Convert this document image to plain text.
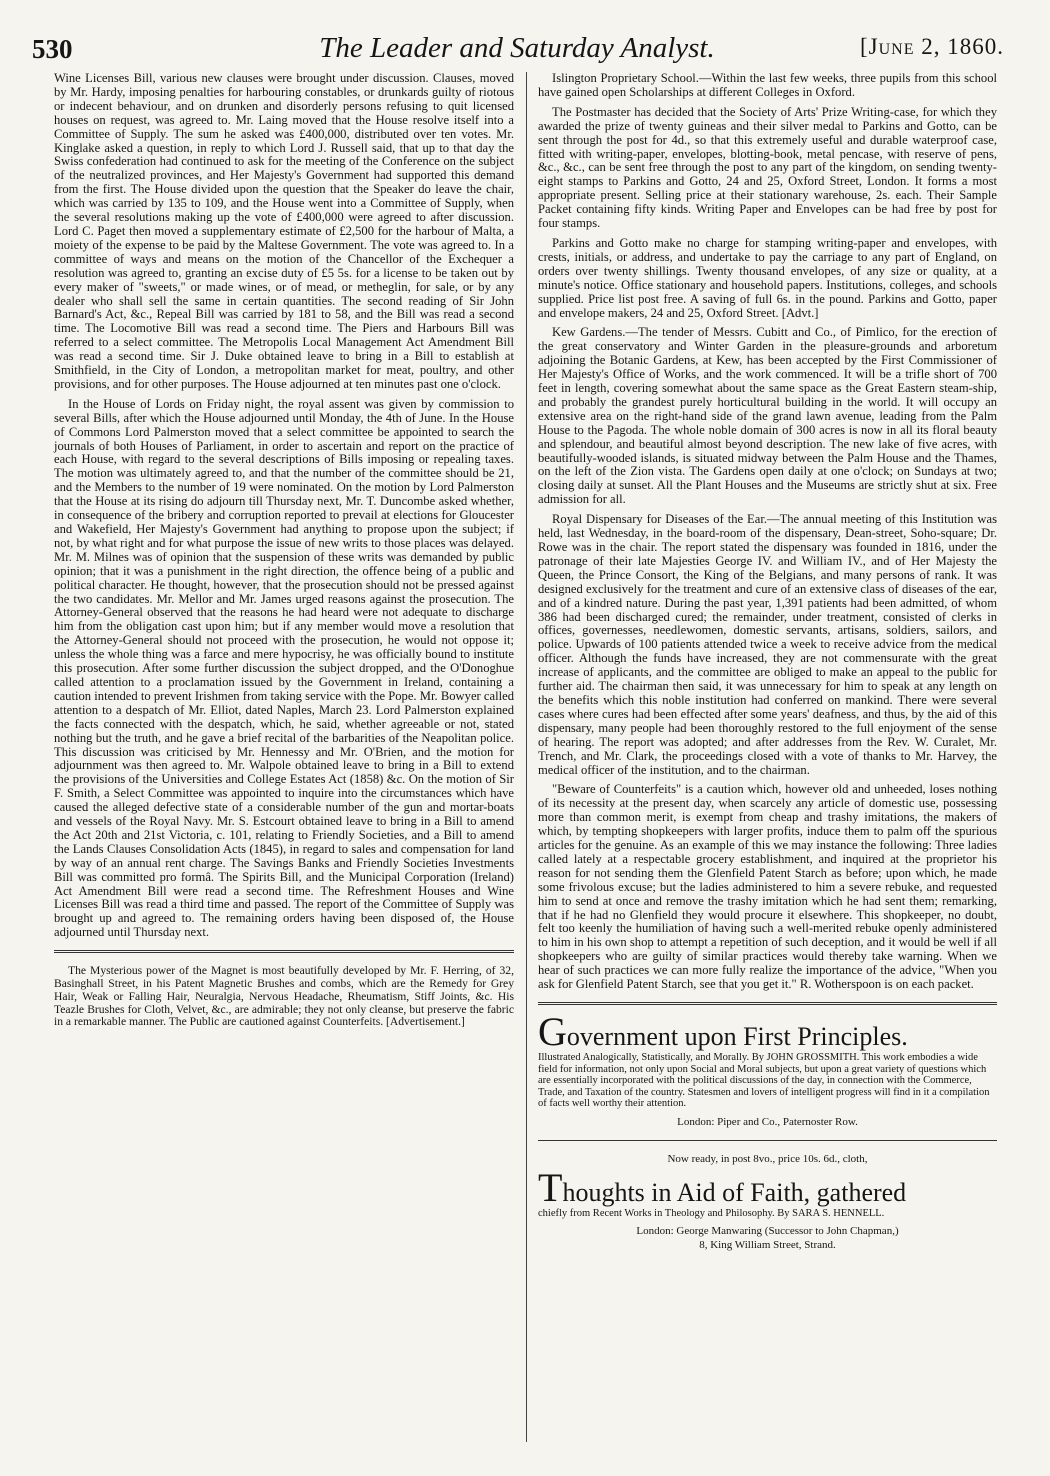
530	The Leader and Saturday Analyst.	[June 2, 1860.

Wine Licenses Bill, various new clauses were brought under discussion. Clauses, moved by Mr. Hardy, imposing penalties for harbouring constables, or drunkards guilty of riotous or indecent behaviour, and on drunken and disorderly persons refusing to quit licensed houses on request, was agreed to. Mr. Laing moved that the House resolve itself into a Committee of Supply. The sum he asked was £400,000, distributed over ten votes. Mr. Kinglake asked a question, in reply to which Lord J. Russell said, that up to that day the Swiss confederation had continued to ask for the meeting of the Conference on the subject of the neutralized provinces, and Her Majesty's Government had supported this demand from the first. The House divided upon the question that the Speaker do leave the chair, which was carried by 135 to 109, and the House went into a Committee of Supply, when the several resolutions making up the vote of £400,000 were agreed to after discussion. Lord C. Paget then moved a supplementary estimate of £2,500 for the harbour of Malta, a moiety of the expense to be paid by the Maltese Government. The vote was agreed to. In a committee of ways and means on the motion of the Chancellor of the Exchequer a resolution was agreed to, granting an excise duty of £5 5s. for a license to be taken out by every maker of "sweets," or made wines, or of mead, or metheglin, for sale, or by any dealer who shall sell the same in certain quantities. The second reading of Sir John Barnard's Act, &c., Repeal Bill was carried by 181 to 58, and the Bill was read a second time. The Locomotive Bill was read a second time. The Piers and Harbours Bill was referred to a select committee. The Metropolis Local Management Act Amendment Bill was read a second time. Sir J. Duke obtained leave to bring in a Bill to establish at Smithfield, in the City of London, a metropolitan market for meat, poultry, and other provisions, and for other purposes. The House adjourned at ten minutes past one o'clock.

In the House of Lords on Friday night, the royal assent was given by commission to several Bills, after which the House adjourned until Monday, the 4th of June. In the House of Commons Lord Palmerston moved that a select committee be appointed to search the journals of both Houses of Parliament, in order to ascertain and report on the practice of each House, with regard to the several descriptions of Bills imposing or repealing taxes. The motion was ultimately agreed to, and that the number of the committee should be 21, and the Members to the number of 19 were nominated. On the motion by Lord Palmerston that the House at its rising do adjourn till Thursday next, Mr. T. Duncombe asked whether, in consequence of the bribery and corruption reported to prevail at elections for Gloucester and Wakefield, Her Majesty's Government had anything to propose upon the subject; if not, by what right and for what purpose the issue of new writs to those places was delayed. Mr. M. Milnes was of opinion that the suspension of these writs was demanded by public opinion; that it was a punishment in the right direction, the offence being of a public and political character. He thought, however, that the prosecution should not be pressed against the two candidates. Mr. Mellor and Mr. James urged reasons against the prosecution. The Attorney-General observed that the reasons he had heard were not adequate to discharge him from the obligation cast upon him; but if any member would move a resolution that the Attorney-General should not proceed with the prosecution, he would not oppose it; unless the whole thing was a farce and mere hypocrisy, he was officially bound to institute this prosecution. After some further discussion the subject dropped, and the O'Donoghue called attention to a proclamation issued by the Government in Ireland, containing a caution intended to prevent Irishmen from taking service with the Pope. Mr. Bowyer called attention to a despatch of Mr. Elliot, dated Naples, March 23. Lord Palmerston explained the facts connected with the despatch, which, he said, whether agreeable or not, stated nothing but the truth, and he gave a brief recital of the barbarities of the Neapolitan police. This discussion was criticised by Mr. Hennessy and Mr. O'Brien, and the motion for adjournment was then agreed to. Mr. Walpole obtained leave to bring in a Bill to extend the provisions of the Universities and College Estates Act (1858) &c. On the motion of Sir F. Smith, a Select Committee was appointed to inquire into the circumstances which have caused the alleged defective state of a considerable number of the gun and mortar-boats and vessels of the Royal Navy. Mr. S. Estcourt obtained leave to bring in a Bill to amend the Act 20th and 21st Victoria, c. 101, relating to Friendly Societies, and a Bill to amend the Lands Clauses Consolidation Acts (1845), in regard to sales and compensation for land by way of an annual rent charge. The Savings Banks and Friendly Societies Investments Bill was committed pro formâ. The Spirits Bill, and the Municipal Corporation (Ireland) Act Amendment Bill were read a second time. The Refreshment Houses and Wine Licenses Bill was read a third time and passed. The report of the Committee of Supply was brought up and agreed to. The remaining orders having been disposed of, the House adjourned until Thursday next.

The Mysterious power of the Magnet is most beautifully developed by Mr. F. Herring, of 32, Basinghall Street, in his Patent Magnetic Brushes and combs, which are the Remedy for Grey Hair, Weak or Falling Hair, Neuralgia, Nervous Headache, Rheumatism, Stiff Joints, &c. His Teazle Brushes for Cloth, Velvet, &c., are admirable; they not only cleanse, but preserve the fabric in a remarkable manner. The Public are cautioned against Counterfeits. [Advertisement.]

Islington Proprietary School.—Within the last few weeks, three pupils from this school have gained open Scholarships at different Colleges in Oxford.

The Postmaster has decided that the Society of Arts' Prize Writing-case, for which they awarded the prize of twenty guineas and their silver medal to Parkins and Gotto, can be sent through the post for 4d., so that this extremely useful and durable waterproof case, fitted with writing-paper, envelopes, blotting-book, metal pencase, with reserve of pens, &c., &c., can be sent free through the post to any part of the kingdom, on sending twenty-eight stamps to Parkins and Gotto, 24 and 25, Oxford Street, London. It forms a most appropriate present. Selling price at their stationary warehouse, 2s. each. Their Sample Packet containing fifty kinds. Writing Paper and Envelopes can be had free by post for four stamps.

Parkins and Gotto make no charge for stamping writing-paper and envelopes, with crests, initials, or address, and undertake to pay the carriage to any part of England, on orders over twenty shillings. Twenty thousand envelopes, of any size or quality, at a minute's notice. Office stationary and household papers. Institutions, colleges, and schools supplied. Price list post free. A saving of full 6s. in the pound. Parkins and Gotto, paper and envelope makers, 24 and 25, Oxford Street. [Advt.]

Kew Gardens.—The tender of Messrs. Cubitt and Co., of Pimlico, for the erection of the great conservatory and Winter Garden in the pleasure-grounds and arboretum adjoining the Botanic Gardens, at Kew, has been accepted by the First Commissioner of Her Majesty's Office of Works, and the work commenced. It will be a trifle short of 700 feet in length, covering somewhat about the same space as the Great Eastern steam-ship, and probably the grandest purely horticultural building in the world. It will occupy an extensive area on the right-hand side of the grand lawn avenue, leading from the Palm House to the Pagoda. The whole noble domain of 300 acres is now in all its floral beauty and splendour, and beautiful almost beyond description. The new lake of five acres, with beautifully-wooded islands, is situated midway between the Palm House and the Thames, on the left of the Zion vista. The Gardens open daily at one o'clock; on Sundays at two; closing daily at sunset. All the Plant Houses and the Museums are strictly shut at six. Free admission for all.

Royal Dispensary for Diseases of the Ear.—The annual meeting of this Institution was held, last Wednesday, in the board-room of the dispensary, Dean-street, Soho-square; Dr. Rowe was in the chair. The report stated the dispensary was founded in 1816, under the patronage of their late Majesties George IV. and William IV., and of Her Majesty the Queen, the Prince Consort, the King of the Belgians, and many persons of rank. It was designed exclusively for the treatment and cure of an extensive class of diseases of the ear, and of a kindred nature. During the past year, 1,391 patients had been admitted, of whom 386 had been discharged cured; the remainder, under treatment, consisted of clerks in offices, governesses, needlewomen, domestic servants, artisans, soldiers, sailors, and police. Upwards of 100 patients attended twice a week to receive advice from the medical officer. Although the funds have increased, they are not commensurate with the great increase of applicants, and the committee are obliged to make an appeal to the public for further aid. The chairman then said, it was unnecessary for him to speak at any length on the benefits which this noble institution had conferred on mankind. There were several cases where cures had been effected after some years' deafness, and thus, by the aid of this dispensary, many people had been thoroughly restored to the full enjoyment of the sense of hearing. The report was adopted; and after addresses from the Rev. W. Curalet, Mr. Trench, and Mr. Clark, the proceedings closed with a vote of thanks to Mr. Harvey, the medical officer of the institution, and to the chairman.

"Beware of Counterfeits" is a caution which, however old and unheeded, loses nothing of its necessity at the present day, when scarcely any article of domestic use, possessing more than common merit, is exempt from cheap and trashy imitations, the makers of which, by tempting shopkeepers with larger profits, induce them to palm off the spurious articles for the genuine. As an example of this we may instance the following: Three ladies called lately at a respectable grocery establishment, and inquired at the proprietor his reason for not sending them the Glenfield Patent Starch as before; upon which, he made some frivolous excuse; but the ladies administered to him a severe rebuke, and requested him to send at once and remove the trashy imitation which he had sent them; remarking, that if he had no Glenfield they would procure it elsewhere. This shopkeeper, no doubt, felt too keenly the humiliation of having such a well-merited rebuke openly administered to him in his own shop to attempt a repetition of such deception, and it would be well if all shopkeepers who are guilty of similar practices would thereby take warning. When we hear of such practices we can more fully realize the importance of the advice, "When you ask for Glenfield Patent Starch, see that you get it." R. Wotherspoon is on each packet.

Government upon First Principles.

Illustrated Analogically, Statistically, and Morally. By JOHN GROSSMITH. This work embodies a wide field for information, not only upon Social and Moral subjects, but upon a great variety of questions which are essentially incorporated with the political discussions of the day, in connection with the Commerce, Trade, and Taxation of the country. Statesmen and lovers of intelligent progress will find in it a compilation of facts well worthy their attention.

London: Piper and Co., Paternoster Row.

Now ready, in post 8vo., price 10s. 6d., cloth,

Thoughts in Aid of Faith, gathered

chiefly from Recent Works in Theology and Philosophy. By SARA S. HENNELL.

London: George Manwaring (Successor to John Chapman,)

8, King William Street, Strand.
